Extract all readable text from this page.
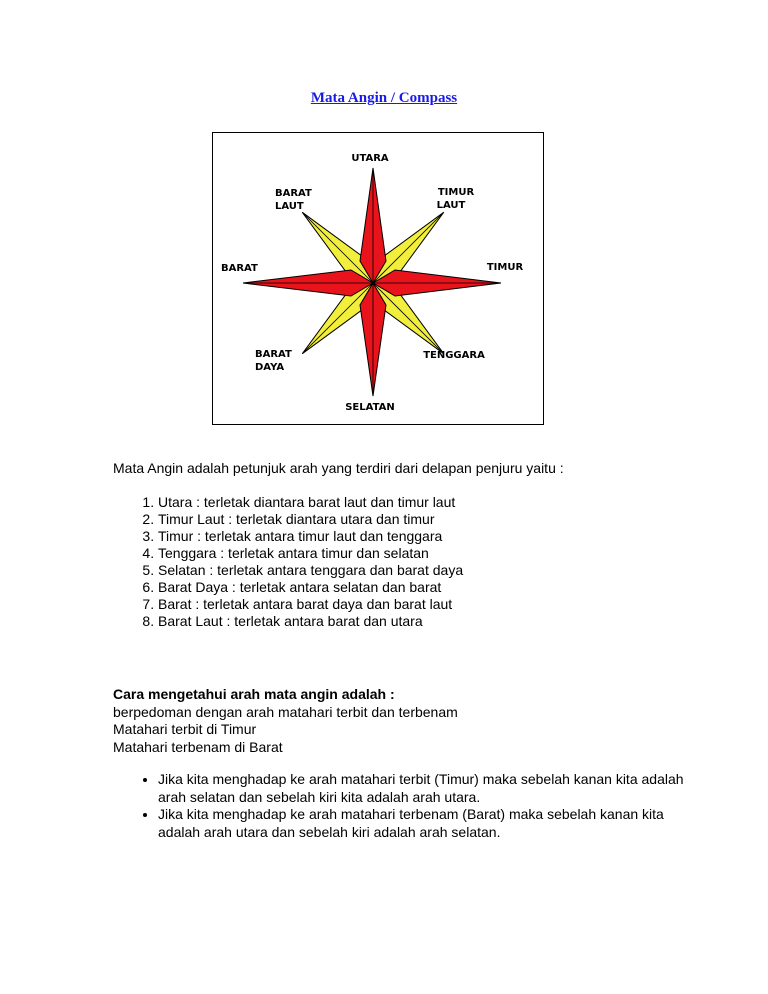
Mata Angin / Compass
UTARA
TIMUR
LAUT
TIMUR
TENGGARA
SELATAN
BARAT
DAYA
BARAT
BARAT
LAUT
Mata Angin adalah petunjuk arah yang terdiri dari delapan penjuru yaitu :
1. Utara : terletak diantara barat laut dan timur laut
2. Timur Laut : terletak diantara utara dan timur
3. Timur : terletak antara timur laut dan tenggara
4. Tenggara : terletak antara timur dan selatan
5. Selatan : terletak antara tenggara dan barat daya
6. Barat Daya : terletak antara selatan dan barat
7. Barat : terletak antara barat daya dan barat laut
8. Barat Laut : terletak antara barat dan utara
Cara mengetahui arah mata angin adalah :
berpedoman dengan arah matahari terbit dan terbenam
Matahari terbit di Timur
Matahari terbenam di Barat
• Jika kita menghadap ke arah matahari terbit (Timur) maka sebelah kanan kita adalah arah selatan dan sebelah kiri kita adalah arah utara.
• Jika kita menghadap ke arah matahari terbenam (Barat) maka sebelah kanan kita adalah arah utara dan sebelah kiri adalah arah selatan.
